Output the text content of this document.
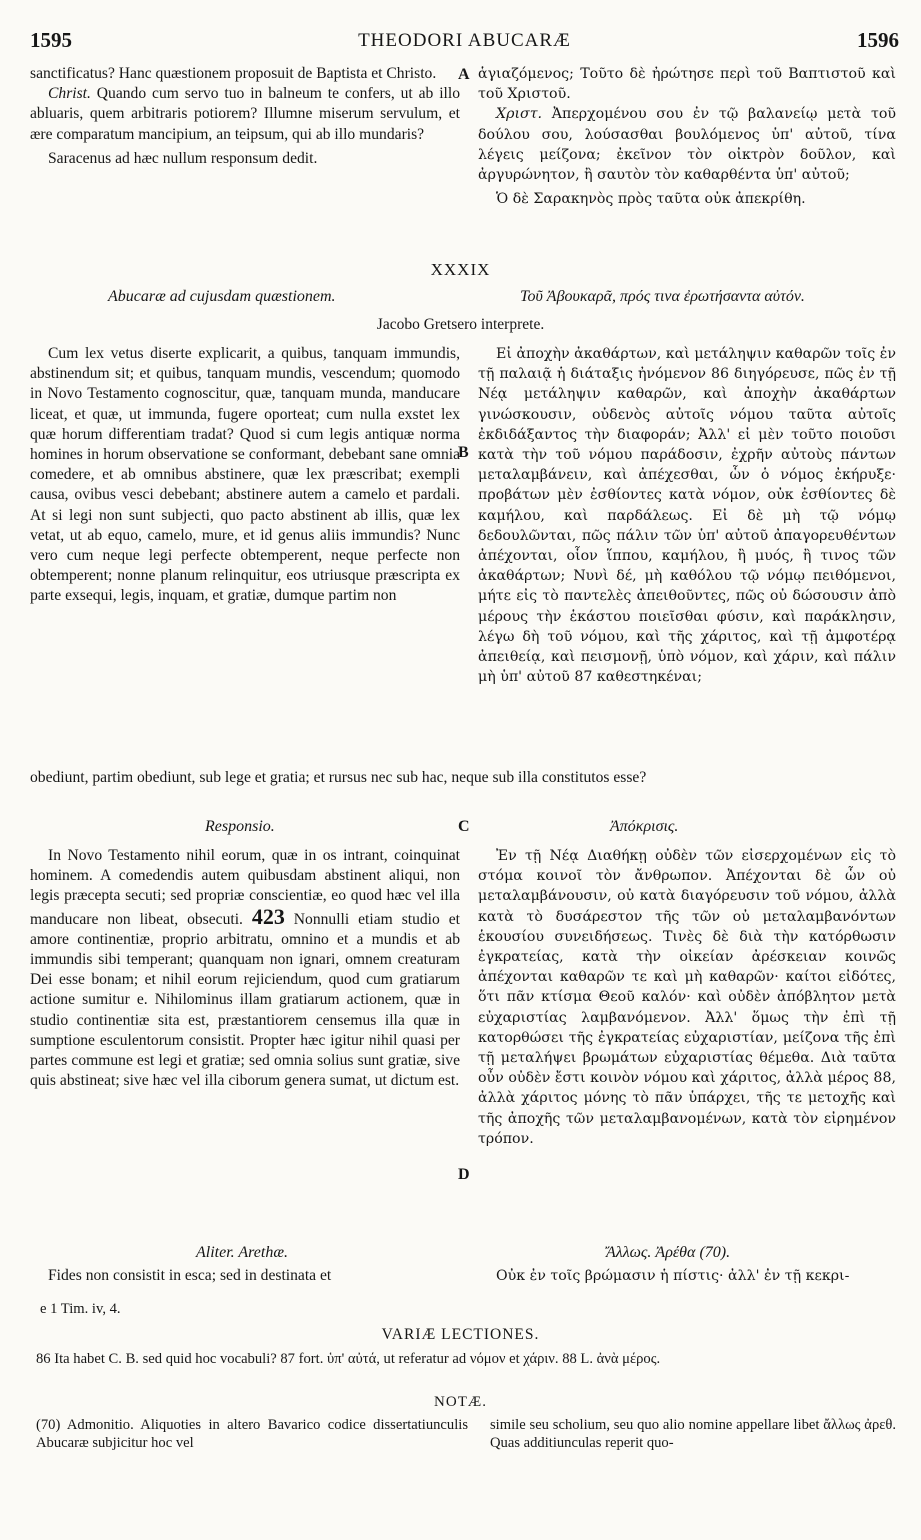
1595	THEODORI ABUCARÆ	1596

sanctificatus? Hanc quæstionem proposuit de Baptista et Christo.

Christ. Quando cum servo tuo in balneum te confers, ut ab illo abluaris, quem arbitraris potiorem? Illumne miserum servulum, et ære comparatum mancipium, an teipsum, qui ab illo mundaris?

Saracenus ad hæc nullum responsum dedit.

A ἁγιαζόμενος; Τοῦτο δὲ ἠρώτησε περὶ τοῦ Βαπτιστοῦ καὶ τοῦ Χριστοῦ.

Χριστ. Ἀπερχομένου σου ἐν τῷ βαλανείῳ μετὰ τοῦ δούλου σου, λούσασθαι βουλόμενος ὑπ' αὐτοῦ, τίνα λέγεις μείζονα; ἐκεῖνον τὸν οἰκτρὸν δοῦλον, καὶ ἀργυρώνητον, ἢ σαυτὸν τὸν καθαρθέντα ὑπ' αὐτοῦ;

Ὁ δὲ Σαρακηνὸς πρὸς ταῦτα οὐκ ἀπεκρίθη.

XXXIX
Abucaræ ad cujusdam quæstionem.	Τοῦ Ἀβουκαρᾶ, πρός τινα ἐρωτήσαντα αὐτόν.
Jacobo Gretsero interprete.

Cum lex vetus diserte explicarit, a quibus, tanquam immundis, abstinendum sit; et quibus, tanquam mundis, vescendum; quomodo in Novo Testamento cognoscitur, quæ, tanquam munda, manducare liceat, et quæ, ut immunda, fugere oporteat; cum nulla exstet lex quæ horum differentiam tradat? Quod si cum legis antiquæ norma homines in horum observatione se conformant, debebant sane omnia comedere, et ab omnibus abstinere, quæ lex præscribat; exempli causa, ovibus vesci debebant; abstinere autem a camelo et pardali. At si legi non sunt subjecti, quo pacto abstinent ab illis, quæ lex vetat, ut ab equo, camelo, mure, et id genus aliis immundis? Nunc vero cum neque legi perfecte obtemperent, neque perfecte non obtemperent; nonne planum relinquitur, eos utriusque præscripta ex parte exsequi, legis, inquam, et gratiæ, dumque partim non

B

Εἰ ἀποχὴν ἀκαθάρτων, καὶ μετάληψιν καθαρῶν τοῖς ἐν τῇ παλαιᾷ ἡ διάταξις ἠνόμενον 86 διηγόρευσε, πῶς ἐν τῇ Νέᾳ μετάληψιν καθαρῶν, καὶ ἀποχὴν ἀκαθάρτων γινώσκουσιν, οὐδενὸς αὐτοῖς νόμου ταῦτα αὐτοῖς ἐκδιδάξαντος τὴν διαφοράν; Ἀλλ' εἰ μὲν τοῦτο ποιοῦσι κατὰ τὴν τοῦ νόμου παράδοσιν, ἐχρῆν αὐτοὺς πάντων μεταλαμβάνειν, καὶ ἀπέχεσθαι, ὧν ὁ νόμος ἐκήρυξε· προβάτων μὲν ἐσθίοντες κατὰ νόμον, οὐκ ἐσθίοντες δὲ καμήλου, καὶ παρδάλεως. Εἰ δὲ μὴ τῷ νόμῳ δεδουλῶνται, πῶς πάλιν τῶν ὑπ' αὐτοῦ ἀπαγορευθέντων ἀπέχονται, οἷον ἵππου, καμήλου, ἢ μυός, ἢ τινος τῶν ἀκαθάρτων; Νυνὶ δέ, μὴ καθόλου τῷ νόμῳ πειθόμενοι, μήτε εἰς τὸ παντελὲς ἀπειθοῦντες, πῶς οὐ δώσουσιν ἀπὸ μέρους τὴν ἑκάστου ποιεῖσθαι φύσιν, καὶ παράκλησιν, λέγω δὴ τοῦ νόμου, καὶ τῆς χάριτος, καὶ τῇ ἀμφοτέρᾳ ἀπειθείᾳ, καὶ πεισμονῇ, ὑπὸ νόμον, καὶ χάριν, καὶ πάλιν μὴ ὑπ' αὐτοῦ 87 καθεστηκέναι;

obediunt, partim obediunt, sub lege et gratia; et rursus nec sub hac, neque sub illa constitutos esse?
Responsio.	C	Ἀπόκρισις.

In Novo Testamento nihil eorum, quæ in os intrant, coinquinat hominem. A comedendis autem quibusdam abstinent aliqui, non legis præcepta secuti; sed propriæ conscientiæ, eo quod hæc vel illa manducare non libeat, obsecuti. 423 Nonnulli etiam studio et amore continentiæ, proprio arbitratu, omnino et a mundis et ab immundis sibi temperant; quanquam non ignari, omnem creaturam Dei esse bonam; et nihil eorum rejiciendum, quod cum gratiarum actione sumitur e. Nihilominus illam gratiarum actionem, quæ in studio continentiæ sita est, præstantiorem censemus illa quæ in sumptione esculentorum consistit. Propter hæc igitur nihil quasi per partes commune est legi et gratiæ; sed omnia solius sunt gratiæ, sive quis abstineat; sive hæc vel illa ciborum genera sumat, ut dictum est.

Ἐν τῇ Νέᾳ Διαθήκῃ οὐδὲν τῶν εἰσερχομένων εἰς τὸ στόμα κοινοῖ τὸν ἄνθρωπον. Ἀπέχονται δὲ ὧν οὐ μεταλαμβάνουσιν, οὐ κατὰ διαγόρευσιν τοῦ νόμου, ἀλλὰ κατὰ τὸ δυσάρεστον τῆς τῶν οὐ μεταλαμβανόντων ἑκουσίου συνειδήσεως. Τινὲς δὲ διὰ τὴν κατόρθωσιν ἐγκρατείας, κατὰ τὴν οἰκείαν ἀρέσκειαν κοινῶς ἀπέχονται καθαρῶν τε καὶ μὴ καθαρῶν· καίτοι εἰδότες, ὅτι πᾶν κτίσμα Θεοῦ καλόν· καὶ οὐδὲν ἀπόβλητον μετὰ εὐχαριστίας λαμβανόμενον. Ἀλλ' ὅμως τὴν ἐπὶ τῇ κατορθώσει τῆς ἐγκρατείας εὐχαριστίαν, μείζονα τῆς ἐπὶ τῇ μεταλήψει βρωμάτων εὐχαριστίας θέμεθα. Διὰ ταῦτα οὖν οὐδὲν ἔστι κοινὸν νόμου καὶ χάριτος, ἀλλὰ μέρος 88, ἀλλὰ χάριτος μόνης τὸ πᾶν ὑπάρχει, τῆς τε μετοχῆς καὶ τῆς ἀποχῆς τῶν μεταλαμβανομένων, κατὰ τὸν εἰρημένον τρόπον.

D
Aliter. Arethæ.	Ἄλλως. Ἀρέθα (70).

Fides non consistit in esca; sed in destinata et	Οὐκ ἐν τοῖς βρώμασιν ἡ πίστις· ἀλλ' ἐν τῇ κεκρι-

e 1 Tim. iv, 4.
VARIÆ LECTIONES.
86 Ita habet C. B. sed quid hoc vocabuli? 87 fort. ὑπ' αὐτά, ut referatur ad νόμον et χάριν. 88 L. ἀνὰ μέρος.
NOTÆ.
(70) Admonitio. Aliquoties in altero Bavarico codice dissertatiunculis Abucaræ subjicitur hoc vel
simile seu scholium, seu quo alio nomine appellare libet ἄλλως ἀρεθ. Quas additiunculas reperit quo-
